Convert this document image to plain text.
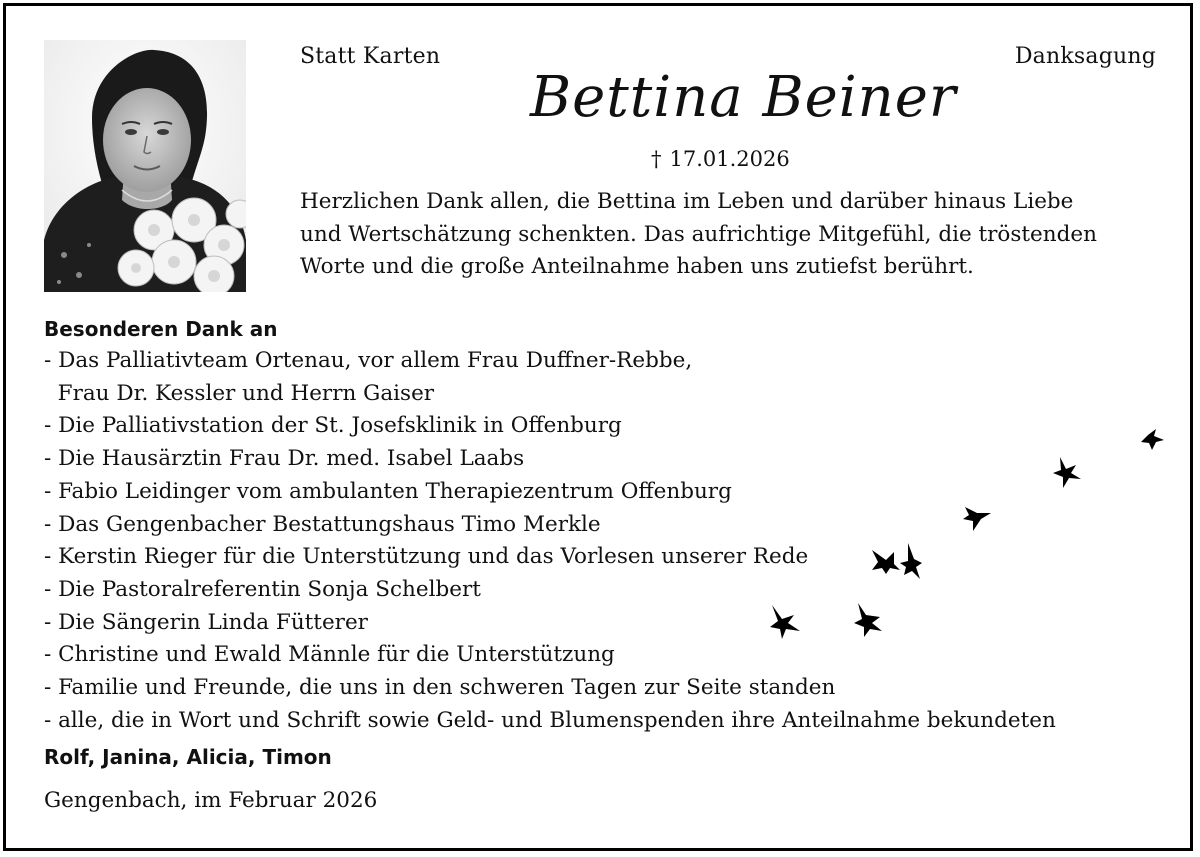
Statt Karten	Danksagung
Bettina Beiner
† 17.01.2026
Herzlichen Dank allen, die Bettina im Leben und darüber hinaus Liebe
und Wertschätzung schenkten. Das aufrichtige Mitgefühl, die tröstenden
Worte und die große Anteilnahme haben uns zutiefst berührt.

Besonderen Dank an

- Das Palliativteam Ortenau, vor allem Frau Duffner-Rebbe,
Frau Dr. Kessler und Herrn Gaiser
- Die Palliativstation der St. Josefsklinik in Offenburg
- Die Hausärztin Frau Dr. med. Isabel Laabs
- Fabio Leidinger vom ambulanten Therapiezentrum Offenburg
- Das Gengenbacher Bestattungshaus Timo Merkle
- Kerstin Rieger für die Unterstützung und das Vorlesen unserer Rede
- Die Pastoralreferentin Sonja Schelbert
- Die Sängerin Linda Fütterer
- Christine und Ewald Männle für die Unterstützung
- Familie und Freunde, die uns in den schweren Tagen zur Seite standen
- alle, die in Wort und Schrift sowie Geld- und Blumenspenden ihre Anteilnahme bekundeten
Rolf, Janina, Alicia, Timon
Gengenbach, im Februar 2026
